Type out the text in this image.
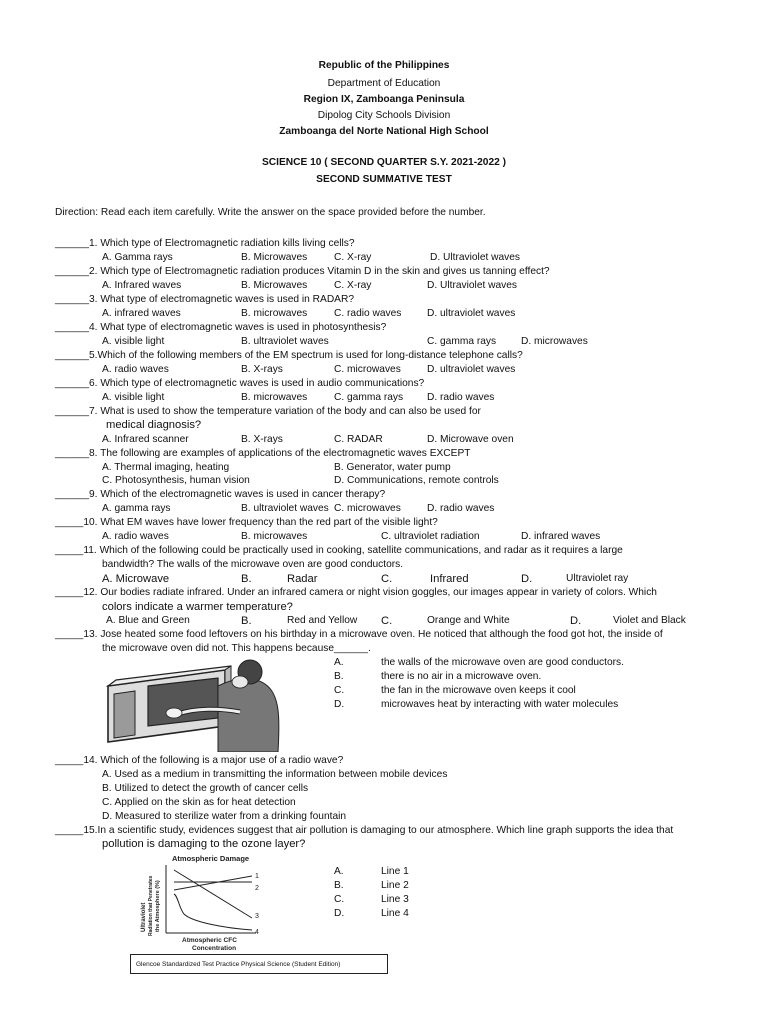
Republic of the Philippines
Department of Education
Region IX, Zamboanga Peninsula
Dipolog City Schools Division
Zamboanga del Norte National High School
SCIENCE 10 ( SECOND QUARTER S.Y. 2021-2022 )
SECOND SUMMATIVE TEST
Direction: Read each item carefully. Write the answer on the space provided before the number.
______1. Which type of Electromagnetic radiation kills living cells?
A. Gamma rays	B. Microwaves	C. X-ray	D. Ultraviolet waves
______2. Which type of Electromagnetic radiation produces Vitamin D in the skin and gives us tanning effect?
A. Infrared waves	B. Microwaves	C. X-ray	D. Ultraviolet waves
______3. What type of electromagnetic waves is used in RADAR?
A. infrared waves	B. microwaves	C. radio waves	D. ultraviolet waves
______4. What type of electromagnetic waves is used in photosynthesis?
A. visible light	B. ultraviolet waves	C. gamma rays D. microwaves
______5.Which of the following members of the EM spectrum is used for long-distance telephone calls?
A. radio waves	B. X-rays	C. microwaves	D. ultraviolet waves
______6. Which type of electromagnetic waves is used in audio communications?
A. visible light	B. microwaves	C. gamma rays D. radio waves
______7. What is used to show the temperature variation of the body and can also be used for
medical diagnosis?
A. Infrared scanner	B. X-rays	C. RADAR	D. Microwave oven
______8. The following are examples of applications of the electromagnetic waves EXCEPT
A. Thermal imaging, heating	B. Generator, water pump
C. Photosynthesis, human vision	D. Communications, remote controls
______9. Which of the electromagnetic waves is used in cancer therapy?
A. gamma rays	B. ultraviolet waves C. microwaves	D. radio waves
_____10. What EM waves have lower frequency than the red part of the visible light?
A. radio waves	B. microwaves	C. ultraviolet radiation	D. infrared waves
_____11. Which of the following could be practically used in cooking, satellite communications, and radar as it requires a large
bandwidth? The walls of the microwave oven are good conductors.
A. Microwave	B.	Radar	C.	Infrared	D.	Ultraviolet ray
_____12. Our bodies radiate infrared. Under an infrared camera or night vision goggles, our images appear in variety of colors. Which
colors indicate a warmer temperature?
A. Blue and Green	B.	Red and Yellow C.	Orange and White	D.	Violet and Black
_____13. Jose heated some food leftovers on his birthday in a microwave oven. He noticed that although the food got hot, the inside of
the microwave oven did not. This happens because______.
A.	the walls of the microwave oven are good conductors.
B.	there is no air in a microwave oven.
C.	the fan in the microwave oven keeps it cool
D.	microwaves heat by interacting with water molecules
_____14. Which of the following is a major use of a radio wave?
A. Used as a medium in transmitting the information between mobile devices
B. Utilized to detect the growth of cancer cells
C. Applied on the skin as for heat detection
D. Measured to sterilize water from a drinking fountain
_____15.In a scientific study, evidences suggest that air pollution is damaging to our atmosphere. Which line graph supports the idea that
pollution is damaging to the ozone layer?
Atmospheric Damage
Ultraviolet Radiation that Penetrates the Atmosphere (%)
1
2
3
4
Atmospheric CFC
Concentration
A.	Line 1
B.	Line 2
C.	Line 3
D.	Line 4
Glencoe Standardized Test Practice Physical Science (Student Edition)
